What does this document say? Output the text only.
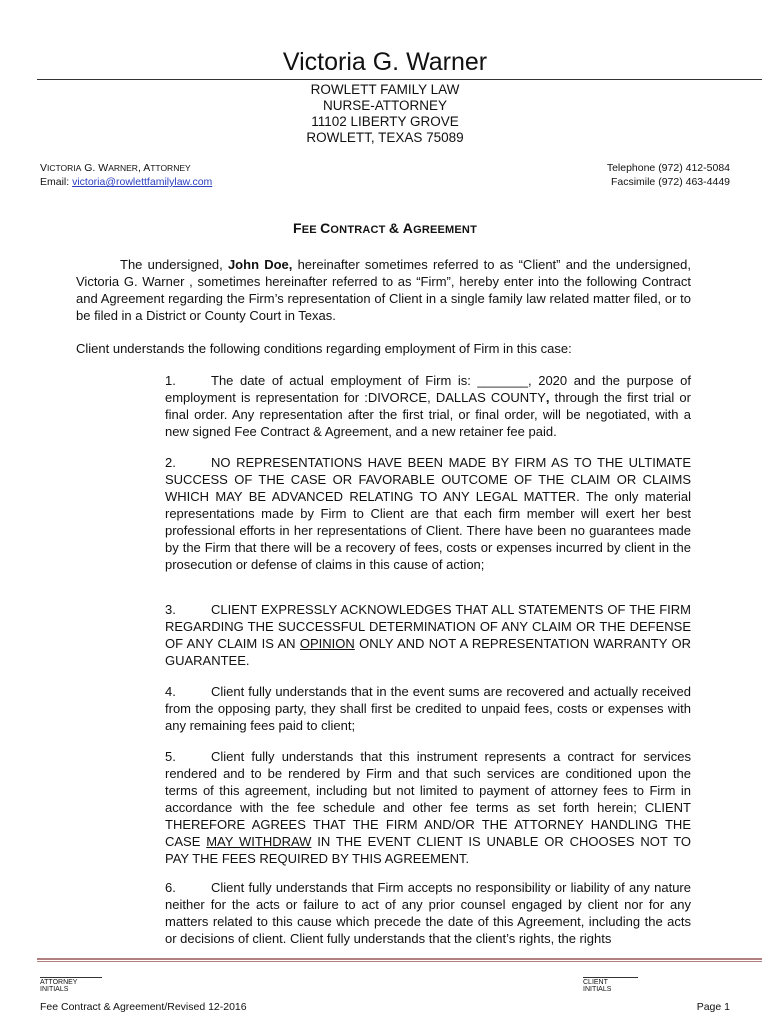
Victoria G. Warner
ROWLETT FAMILY LAW
NURSE-ATTORNEY
11102 LIBERTY GROVE
ROWLETT, TEXAS 75089
VICTORIA G. WARNER, ATTORNEY
Email: victoria@rowlettfamilylaw.com
Telephone (972) 412-5084
Facsimile (972) 463-4449
FEE CONTRACT & AGREEMENT
The undersigned, John Doe, hereinafter sometimes referred to as “Client” and the undersigned, Victoria G. Warner , sometimes hereinafter referred to as “Firm”, hereby enter into the following Contract and Agreement regarding the Firm’s representation of Client in a single family law related matter filed, or to be filed in a District or County Court in Texas.
Client understands the following conditions regarding employment of Firm in this case:
1.	The date of actual employment of Firm is: _______, 2020 and the purpose of employment is representation for :DIVORCE, DALLAS COUNTY, through the first trial or final order. Any representation after the first trial, or final order, will be negotiated, with a new signed Fee Contract & Agreement, and a new retainer fee paid.
2.	NO REPRESENTATIONS HAVE BEEN MADE BY FIRM AS TO THE ULTIMATE SUCCESS OF THE CASE OR FAVORABLE OUTCOME OF THE CLAIM OR CLAIMS WHICH MAY BE ADVANCED RELATING TO ANY LEGAL MATTER. The only material representations made by Firm to Client are that each firm member will exert her best professional efforts in her representations of Client. There have been no guarantees made by the Firm that there will be a recovery of fees, costs or expenses incurred by client in the prosecution or defense of claims in this cause of action;
3.	CLIENT EXPRESSLY ACKNOWLEDGES THAT ALL STATEMENTS OF THE FIRM REGARDING THE SUCCESSFUL DETERMINATION OF ANY CLAIM OR THE DEFENSE OF ANY CLAIM IS AN OPINION ONLY AND NOT A REPRESENTATION WARRANTY OR GUARANTEE.
4.	Client fully understands that in the event sums are recovered and actually received from the opposing party, they shall first be credited to unpaid fees, costs or expenses with any remaining fees paid to client;
5.	Client fully understands that this instrument represents a contract for services rendered and to be rendered by Firm and that such services are conditioned upon the terms of this agreement, including but not limited to payment of attorney fees to Firm in accordance with the fee schedule and other fee terms as set forth herein; CLIENT THEREFORE AGREES THAT THE FIRM AND/OR THE ATTORNEY HANDLING THE CASE MAY WITHDRAW IN THE EVENT CLIENT IS UNABLE OR CHOOSES NOT TO PAY THE FEES REQUIRED BY THIS AGREEMENT.
6.	Client fully understands that Firm accepts no responsibility or liability of any nature neither for the acts or failure to act of any prior counsel engaged by client nor for any matters related to this cause which precede the date of this Agreement, including the acts or decisions of client. Client fully understands that the client’s rights, the rights
ATTORNEY INITIALS
CLIENT INITIALS
Fee Contract & Agreement/Revised 12-2016	Page 1
